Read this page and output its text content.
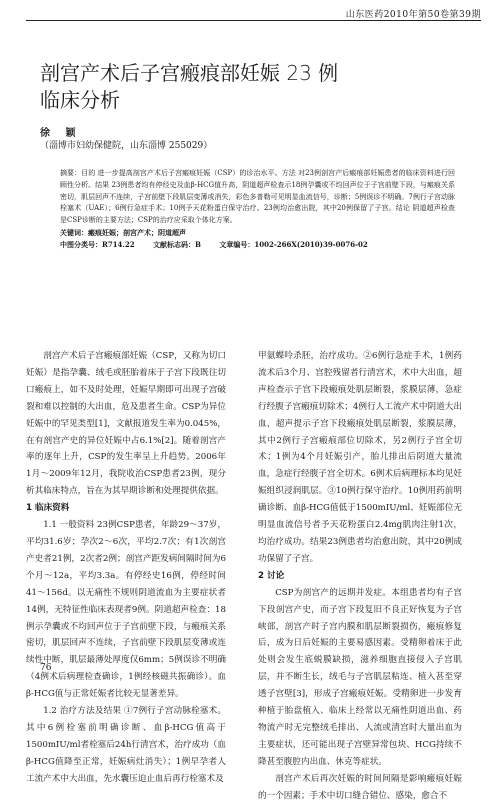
山东医药2010年第50卷第39期
剖宫产术后子宫瘢痕部妊娠 23 例
临床分析
徐 颖
（淄博市妇幼保健院，山东淄博 255029）

摘要：目的 进一步提高剖宫产术后子宫瘢痕妊娠（CSP）的诊治水平。方法 对23例剖宫产后瘢痕部妊娠患者的临床资料进行回顾性分析。结果 23例患者均有停经史及血β-HCG值升高，阴道超声检查示18例孕囊或不均回声位于子宫前壁下段，与瘢痕关系密切，肌层回声不连续，子宫前壁下段肌层变薄或消失，彩色多普勒可见明显血流信号，诊断；5例误诊不明确。7例行子宫动脉栓塞术（UAE）；6例行急症手术；10例予天花粉蛋白保守治疗。23例均治愈出院，其中20例保留了子宫。结论 阴道超声检查是CSP诊断的主要方法；CSP的治疗应采取个体化方案。

关键词：瘢痕妊娠；剖宫产术；阴道超声

中图分类号：R714.22	文献标志码：B	文章编号：1002-266X(2010)39-0076-02

剖宫产术后子宫瘢痕部妊娠（CSP，又称为切口妊娠）是指孕囊、绒毛或胚胎着床于子宫下段既往切口瘢痕上，如不及时处理，妊娠早期即可出现子宫破裂和难以控制的大出血，危及患者生命。CSP为异位妊娠中的罕见类型[1]，文献报道发生率为0.045%，在有剖宫产史的异位妊娠中占6.1%[2]。随着剖宫产率的逐年上升，CSP的发生率呈上升趋势。2006年1月～2009年12月，我院收治CSP患者23例，现分析其临床特点，旨在为其早期诊断和处理提供依据。

1 临床资料

1.1 一般资料 23例CSP患者，年龄29～37岁，平均31.6岁；孕次2～6次，平均2.7次；有1次剖宫产史者21例，2次者2例；剖宫产距发病间隔时间为6个月～12a，平均3.3a。有停经史16例，停经时间41～156d。以无痛性不规则阴道流血为主要症状者14例，无特征性临床表现者9例。阴道超声检查：18例示孕囊或不均回声位于子宫前壁下段，与瘢痕关系密切，肌层回声不连续，子宫前壁下段肌层变薄或连续性中断，肌层最薄处厚度仅6mm；5例误诊不明确（4例术后病理检查确诊，1例经核磁共振确诊）。血β-HCG值与正常妊娠者比较无显著差异。

1.2 治疗方法及结果 ①7例行子宫动脉栓塞术。其中6例栓塞前明确诊断、血β-HCG值高于1500mIU/ml者栓塞后24h行清宫术，治疗成功（血β-HCG值降至正常，妊娠病灶消失）；1例早孕者人工流产术中大出血，先水囊压迫止血后再行栓塞术及

甲氨蝶呤杀胚，治疗成功。②6例行急症手术，1例药流术后3个月、宫腔残留者行清宫术，术中大出血，超声检查示子宫下段瘢痕处肌层断裂，浆膜层薄，急症行经腹子宫瘢痕切除术；4例行人工流产术中阴道大出血，超声提示子宫下段瘢痕处肌层断裂，浆膜层薄，其中2例行子宫瘢痕部位切除术，另2例行子宫全切术；1例为4个月妊娠引产，胎儿排出后阴道大量流血，急症行经腹子宫全切术。6例术后病理标本均见妊娠组织浸润肌层。③10例行保守治疗。10例用药前明确诊断、血β-HCG值低于1500mIU/ml、妊娠部位无明显血流信号者予天花粉蛋白2.4mg肌肉注射1次，均治疗成功。结果23例患者均治愈出院，其中20例成功保留了子宫。

2 讨论

CSP为剖宫产的远期并发症。本组患者均有子宫下段剖宫产史，而子宫下段复旧不良正好恢复为子宫峡部，剖宫产时子宫内膜和肌层断裂损伤，瘢痕修复后，成为日后妊娠的主要易感因素。受精卵着床于此处则会发生底蜕膜缺损，滋养细胞直接侵入子宫肌层，并不断生长，绒毛与子宫肌层粘连、植入甚至穿透子宫壁[3]，形成子宫瘢痕妊娠。受精卵进一步发育种植于胎盘植入、临床上经常以无痛性阴道出血、药物流产时无完整绒毛排出、人流或清宫时大量出血为主要症状，还可能出现子宫壁异常包块、HCG持续不降甚至腹腔内出血、休克等症状。

剖宫产术后再次妊娠的时间间隔是影响瘢痕妊娠的一个因素；手术中切口缝合错位、感染，愈合不

76
